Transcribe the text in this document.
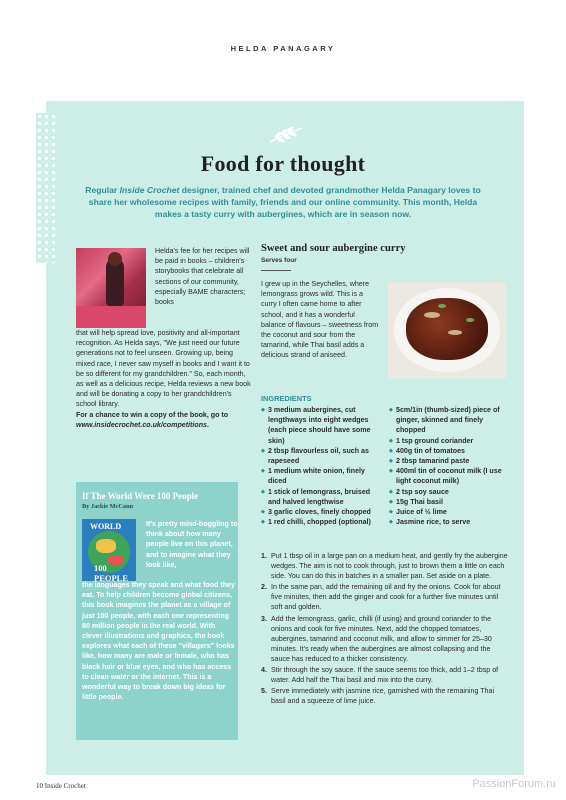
HELDA PANAGARY
Food for thought

Regular Inside Crochet designer, trained chef and devoted grandmother Helda Panagary loves to share her wholesome recipes with family, friends and our online community. This month, Helda makes a tasty curry with aubergines, which are in season now.

Helda's fee for her recipes will be paid in books – children's storybooks that celebrate all sections of our community, especially BAME characters; books

that will help spread love, positivity and all-important recognition. As Helda says, "We just need our future generations not to feel unseen. Growing up, being mixed race, I never saw myself in books and I want it to be so different for my grandchildren." So, each month, as well as a delicious recipe, Helda reviews a new book and will be donating a copy to her grandchildren's school library.

For a chance to win a copy of the book, go to www.insidecrochet.co.uk/competitions.

If The World Were 100 People
By Jackie McCann
WORLD
100 PEOPLE

It's pretty mind-boggling to think about how many people live on this planet, and to imagine what they look like,

the languages they speak and what food they eat. To help children become global citizens, this book imagines the planet as a village of just 100 people, with each one representing 80 million people in the real world. With clever illustrations and graphics, the book explores what each of these "villagers" looks like, how many are male or female, who has black hair or blue eyes, and who has access to clean water or the internet. This is a wonderful way to break down big ideas for little people.

Sweet and sour aubergine curry
Serves four

I grew up in the Seychelles, where lemongrass grows wild. This is a curry I often came home to after school, and it has a wonderful balance of flavours – sweetness from the coconut and sour from the tamarind, while Thai basil adds a delicious strand of aniseed.

INGREDIENTS
◆ 3 medium aubergines, cut lengthways into eight wedges (each piece should have some skin)
◆ 2 tbsp flavourless oil, such as rapeseed
◆ 1 medium white onion, finely diced
◆ 1 stick of lemongrass, bruised and halved lengthwise
◆ 3 garlic cloves, finely chopped
◆ 1 red chilli, chopped (optional)
◆ 5cm/1in (thumb-sized) piece of ginger, skinned and finely chopped
◆ 1 tsp ground coriander
◆ 400g tin of tomatoes
◆ 2 tbsp tamarind paste
◆ 400ml tin of coconut milk (I use light coconut milk)
◆ 2 tsp soy sauce
◆ 15g Thai basil
◆ Juice of ½ lime
◆ Jasmine rice, to serve
1. Put 1 tbsp oil in a large pan on a medium heat, and gently fry the aubergine wedges. The aim is not to cook through, just to brown them a little on each side. You can do this in batches in a smaller pan. Set aside on a plate.
2. In the same pan, add the remaining oil and fry the onions. Cook for about five minutes, then add the ginger and cook for a further five minutes until soft and golden.
3. Add the lemongrass, garlic, chilli (if using) and ground coriander to the onions and cook for five minutes. Next, add the chopped tomatoes, aubergines, tamarind and coconut milk, and allow to simmer for 25–30 minutes. It's ready when the aubergines are almost collapsing and the sauce has reduced to a thicker consistency.
4. Stir through the soy sauce. If the sauce seems too thick, add 1–2 tbsp of water. Add half the Thai basil and mix into the curry.
5. Serve immediately with jasmine rice, garnished with the remaining Thai basil and a squeeze of lime juice.
10 Inside Crochet	PassionForum.ru
